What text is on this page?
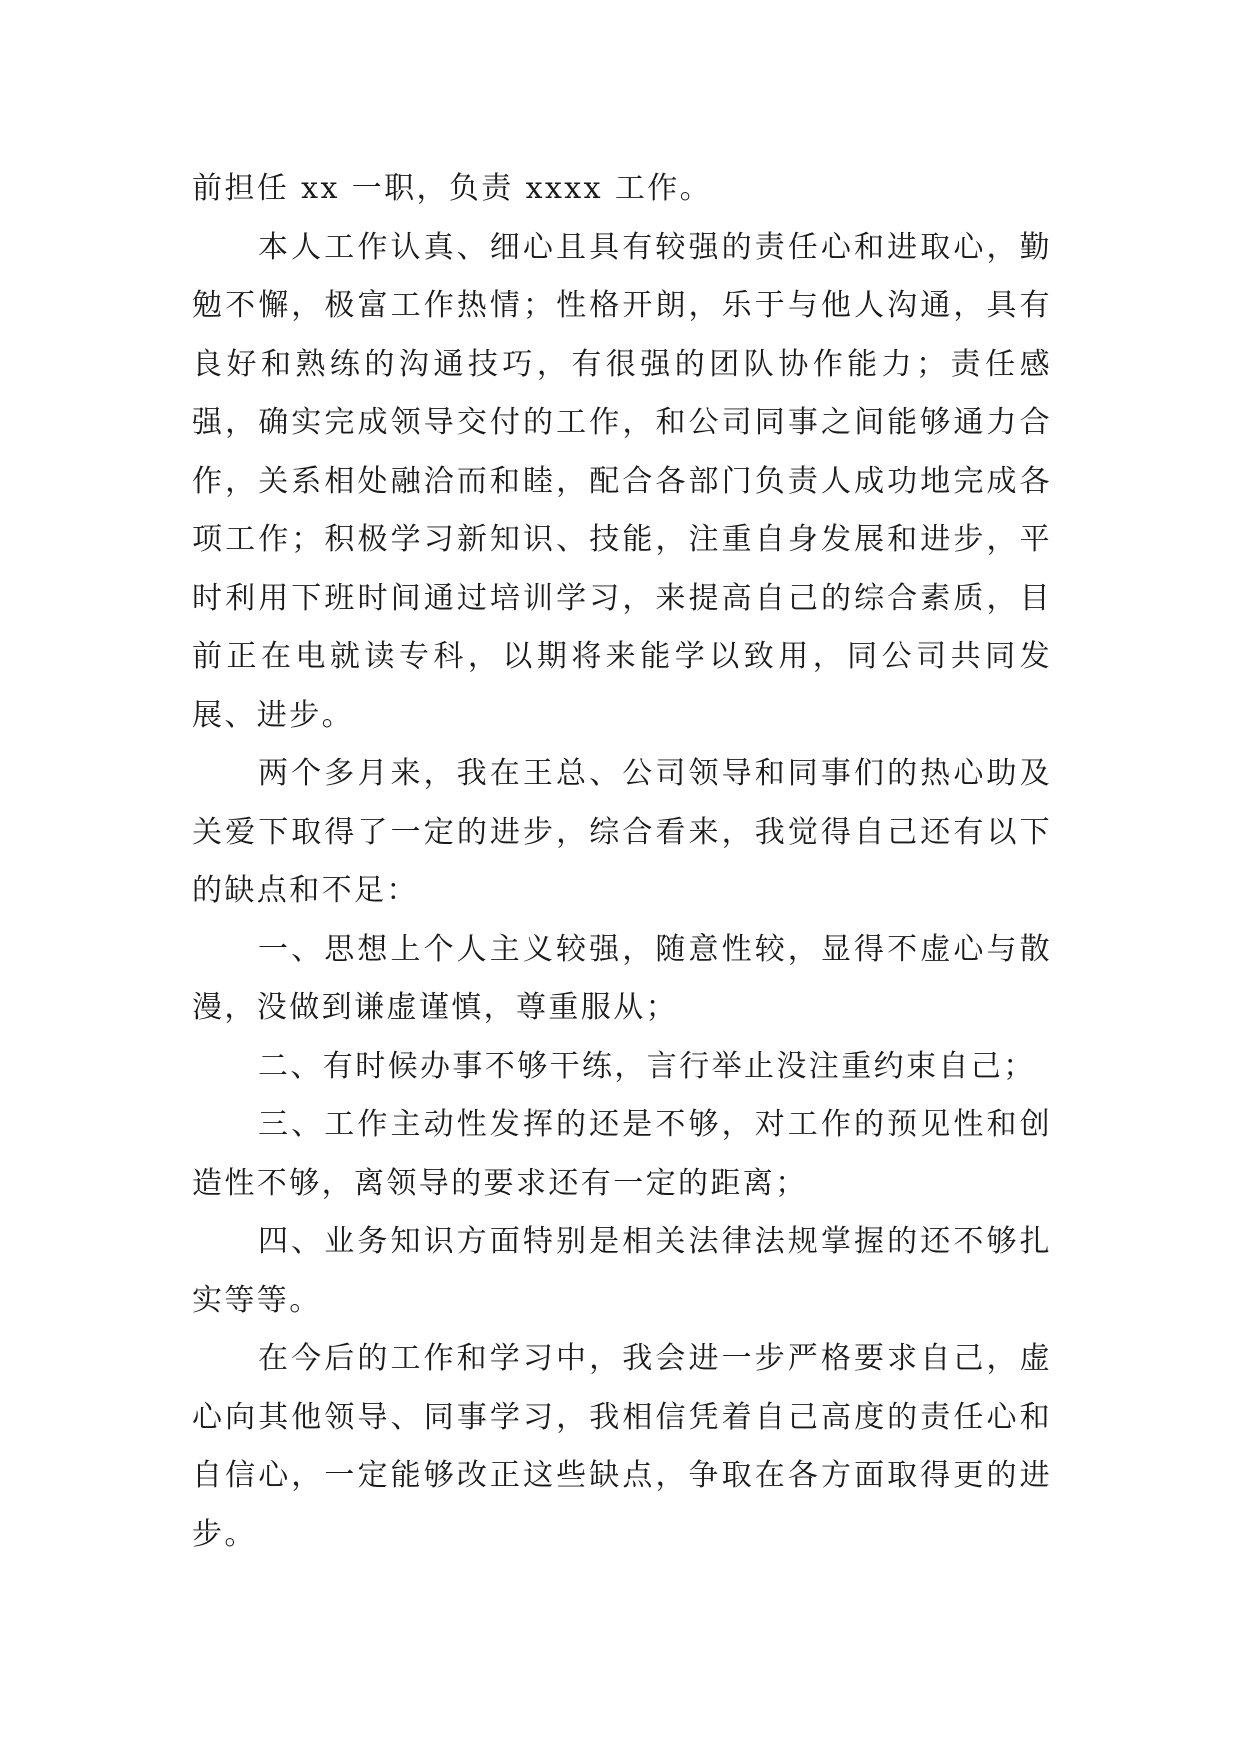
前担任 xx 一职，负责 xxxx 工作。

本人工作认真、细心且具有较强的责任心和进取心，勤勉不懈，极富工作热情；性格开朗，乐于与他人沟通，具有良好和熟练的沟通技巧，有很强的团队协作能力；责任感强，确实完成领导交付的工作，和公司同事之间能够通力合作，关系相处融洽而和睦，配合各部门负责人成功地完成各项工作；积极学习新知识、技能，注重自身发展和进步，平时利用下班时间通过培训学习，来提高自己的综合素质，目前正在电就读专科，以期将来能学以致用，同公司共同发展、进步。

两个多月来，我在王总、公司领导和同事们的热心助及关爱下取得了一定的进步，综合看来，我觉得自己还有以下的缺点和不足：

一、思想上个人主义较强，随意性较，显得不虚心与散漫，没做到谦虚谨慎，尊重服从；

二、有时候办事不够干练，言行举止没注重约束自己；

三、工作主动性发挥的还是不够，对工作的预见性和创造性不够，离领导的要求还有一定的距离；

四、业务知识方面特别是相关法律法规掌握的还不够扎实等等。

在今后的工作和学习中，我会进一步严格要求自己，虚心向其他领导、同事学习，我相信凭着自己高度的责任心和自信心，一定能够改正这些缺点，争取在各方面取得更的进步。
